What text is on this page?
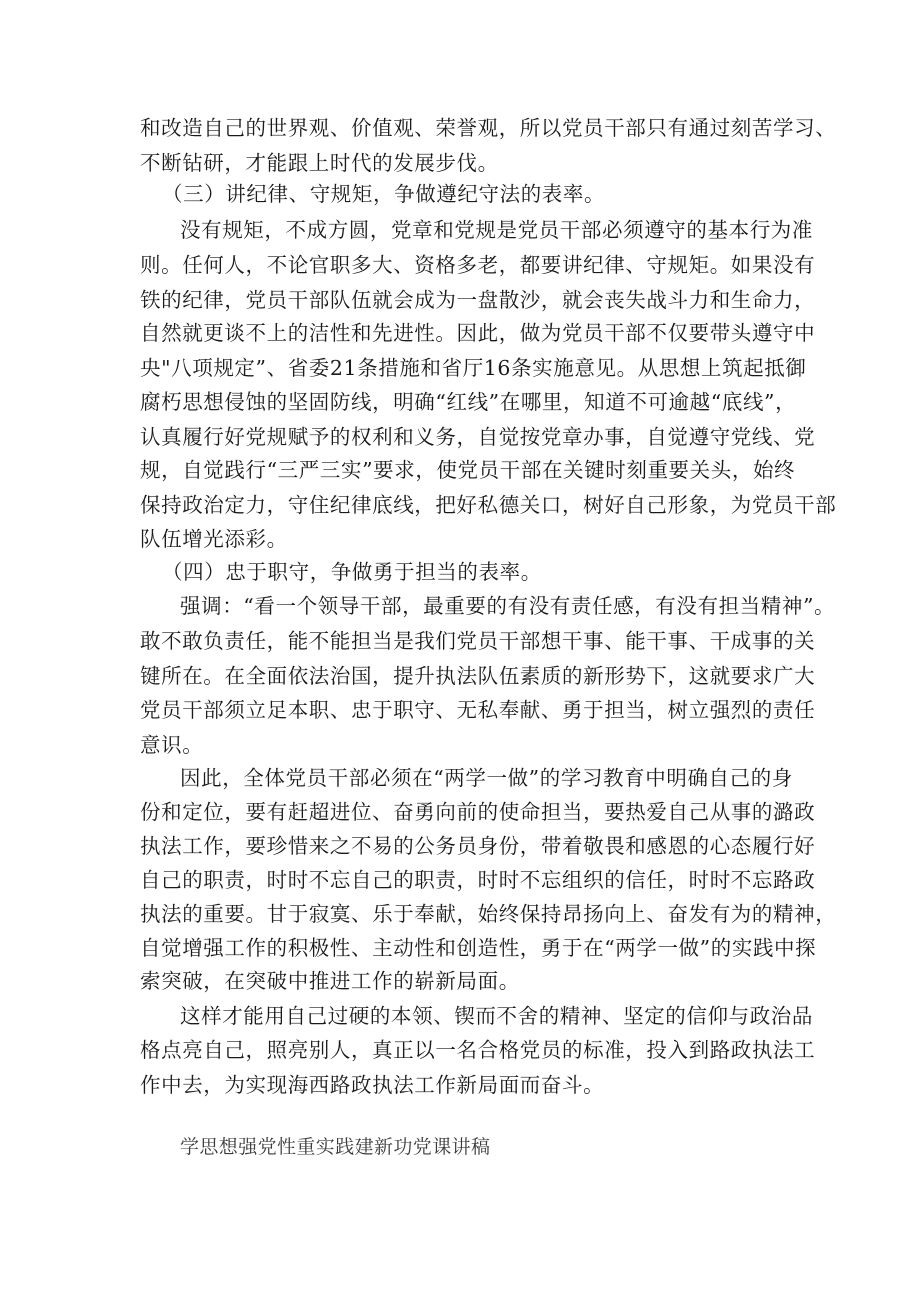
和改造自己的世界观、价值观、荣誉观，所以党员干部只有通过刻苦学习、
不断钻研，才能跟上时代的发展步伐。
（三）讲纪律、守规矩，争做遵纪守法的表率。
没有规矩，不成方圆，党章和党规是党员干部必须遵守的基本行为准
则。任何人，不论官职多大、资格多老，都要讲纪律、守规矩。如果没有
铁的纪律，党员干部队伍就会成为一盘散沙，就会丧失战斗力和生命力，
自然就更谈不上的洁性和先进性。因此，做为党员干部不仅要带头遵守中
央"八项规定”、省委21条措施和省厅16条实施意见。从思想上筑起抵御
腐朽思想侵蚀的坚固防线，明确“红线”在哪里，知道不可逾越“底线”，
认真履行好党规赋予的权利和义务，自觉按党章办事，自觉遵守党线、党
规，自觉践行“三严三实”要求，使党员干部在关键时刻重要关头，始终
保持政治定力，守住纪律底线，把好私德关口，树好自己形象，为党员干部
队伍增光添彩。
（四）忠于职守，争做勇于担当的表率。
强调：“看一个领导干部，最重要的有没有责任感，有没有担当精神”。
敢不敢负责任，能不能担当是我们党员干部想干事、能干事、干成事的关
键所在。在全面依法治国，提升执法队伍素质的新形势下，这就要求广大
党员干部须立足本职、忠于职守、无私奉献、勇于担当，树立强烈的责任
意识。
因此，全体党员干部必须在“两学一做”的学习教育中明确自己的身
份和定位，要有赶超进位、奋勇向前的使命担当，要热爱自己从事的潞政
执法工作，要珍惜来之不易的公务员身份，带着敬畏和感恩的心态履行好
自己的职责，时时不忘自己的职责，时时不忘组织的信任，时时不忘路政
执法的重要。甘于寂寞、乐于奉献，始终保持昂扬向上、奋发有为的精神，
自觉增强工作的积极性、主动性和创造性，勇于在“两学一做”的实践中探
索突破，在突破中推进工作的崭新局面。
这样才能用自己过硬的本领、锲而不舍的精神、坚定的信仰与政治品
格点亮自己，照亮别人，真正以一名合格党员的标准，投入到路政执法工
作中去，为实现海西路政执法工作新局面而奋斗。
学思想强党性重实践建新功党课讲稿
